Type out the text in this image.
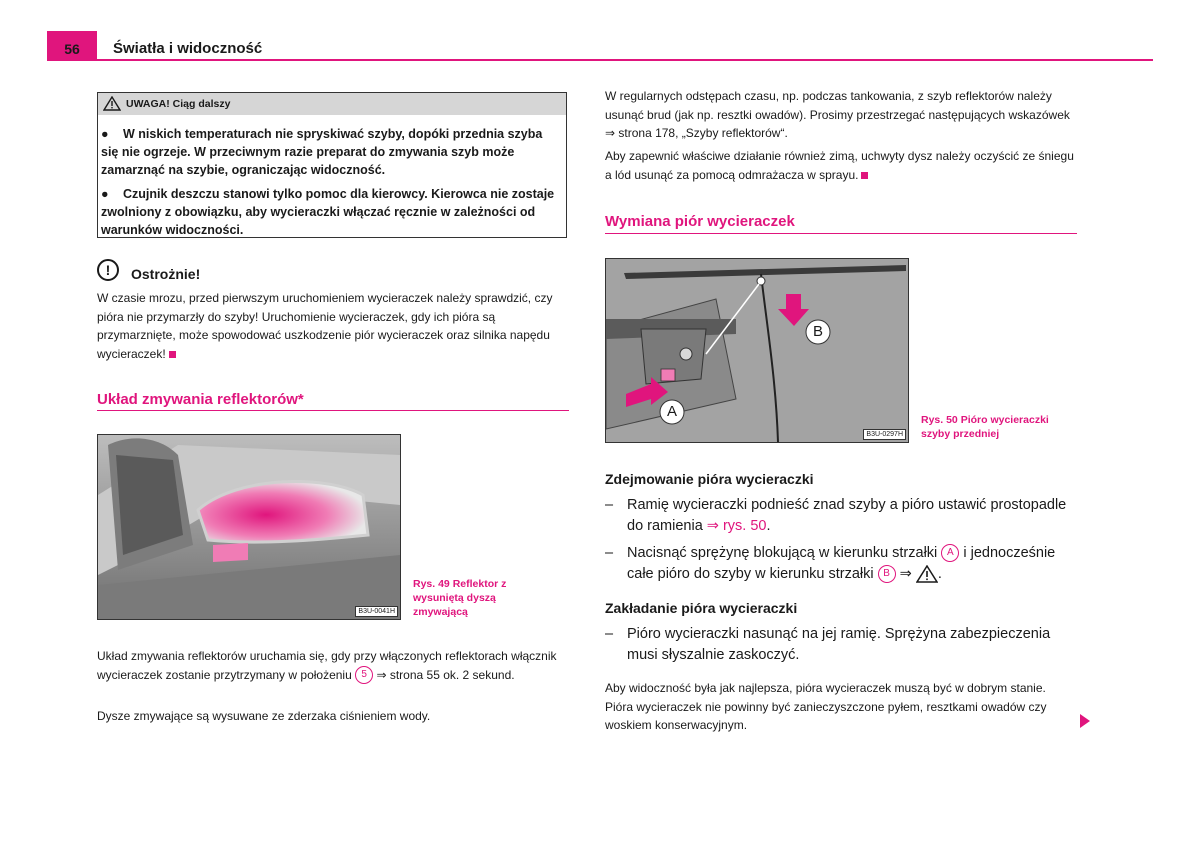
56	Światła i widoczność
UWAGA! Ciąg dalszy
● W niskich temperaturach nie spryskiwać szyby, dopóki przednia szyba się nie ogrzeje. W przeciwnym razie preparat do zmywania szyb może zamarznąć na szybie, ograniczając widoczność.
● Czujnik deszczu stanowi tylko pomoc dla kierowcy. Kierowca nie zostaje zwolniony z obowiązku, aby wycieraczki włączać ręcznie w zależności od warunków widoczności.
!	Ostrożnie!
W czasie mrozu, przed pierwszym uruchomieniem wycieraczek należy sprawdzić, czy pióra nie przymarzły do szyby! Uruchomienie wycieraczek, gdy ich pióra są przymarznięte, może spowodować uszkodzenie piór wycieraczek oraz silnika napędu wycieraczek!
Układ zmywania reflektorów*
B3U-0041H
Rys. 49 Reflektor z wysuniętą dyszą zmywającą
Układ zmywania reflektorów uruchamia się, gdy przy włączonych reflektorach włącznik wycieraczek zostanie przytrzymany w położeniu 5 ⇒ strona 55 ok. 2 sekund.
Dysze zmywające są wysuwane ze zderzaka ciśnieniem wody.
W regularnych odstępach czasu, np. podczas tankowania, z szyb reflektorów należy usunąć brud (jak np. resztki owadów). Prosimy przestrzegać następujących wskazówek ⇒ strona 178, „Szyby reflektorów“.
Aby zapewnić właściwe działanie również zimą, uchwyty dysz należy oczyścić ze śniegu a lód usunąć za pomocą odmrażacza w sprayu.
Wymiana piór wycieraczek
B
A
B3U-0297H
Rys. 50 Pióro wycieraczki szyby przedniej
Zdejmowanie pióra wycieraczki
– Ramię wycieraczki podnieść znad szyby a pióro ustawić prostopadle do ramienia ⇒ rys. 50.
– Nacisnąć sprężynę blokującą w kierunku strzałki A i jednocześnie całe pióro do szyby w kierunku strzałki B ⇒ .
Zakładanie pióra wycieraczki
– Pióro wycieraczki nasunąć na jej ramię. Sprężyna zabezpieczenia musi słyszalnie zaskoczyć.
Aby widoczność była jak najlepsza, pióra wycieraczek muszą być w dobrym stanie. Pióra wycieraczek nie powinny być zanieczyszczone pyłem, resztkami owadów czy woskiem konserwacyjnym.
